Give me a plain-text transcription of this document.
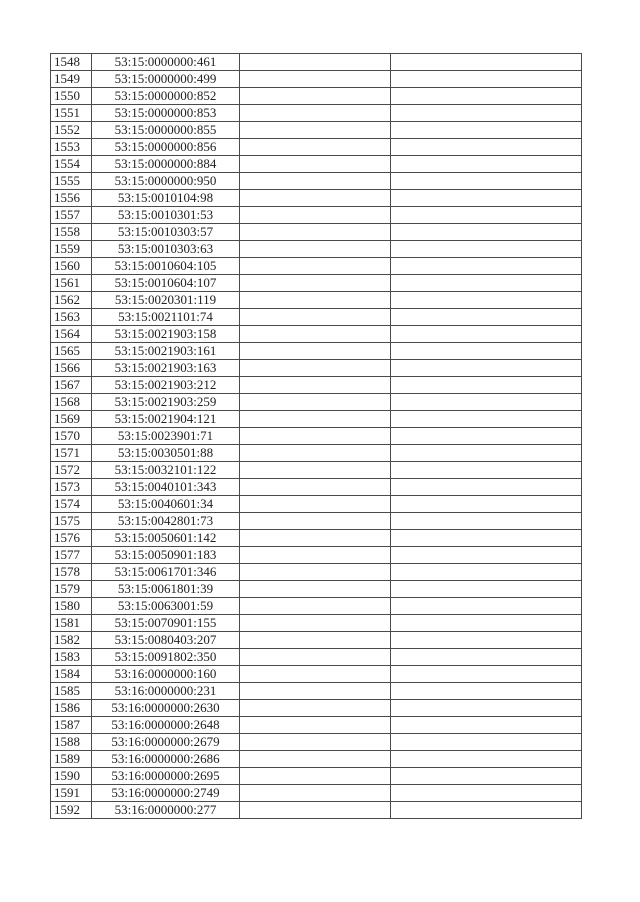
1548	53:15:0000000:461		
1549	53:15:0000000:499		
1550	53:15:0000000:852		
1551	53:15:0000000:853		
1552	53:15:0000000:855		
1553	53:15:0000000:856		
1554	53:15:0000000:884		
1555	53:15:0000000:950		
1556	53:15:0010104:98		
1557	53:15:0010301:53		
1558	53:15:0010303:57		
1559	53:15:0010303:63		
1560	53:15:0010604:105		
1561	53:15:0010604:107		
1562	53:15:0020301:119		
1563	53:15:0021101:74		
1564	53:15:0021903:158		
1565	53:15:0021903:161		
1566	53:15:0021903:163		
1567	53:15:0021903:212		
1568	53:15:0021903:259		
1569	53:15:0021904:121		
1570	53:15:0023901:71		
1571	53:15:0030501:88		
1572	53:15:0032101:122		
1573	53:15:0040101:343		
1574	53:15:0040601:34		
1575	53:15:0042801:73		
1576	53:15:0050601:142		
1577	53:15:0050901:183		
1578	53:15:0061701:346		
1579	53:15:0061801:39		
1580	53:15:0063001:59		
1581	53:15:0070901:155		
1582	53:15:0080403:207		
1583	53:15:0091802:350		
1584	53:16:0000000:160		
1585	53:16:0000000:231		
1586	53:16:0000000:2630		
1587	53:16:0000000:2648		
1588	53:16:0000000:2679		
1589	53:16:0000000:2686		
1590	53:16:0000000:2695		
1591	53:16:0000000:2749		
1592	53:16:0000000:277		
